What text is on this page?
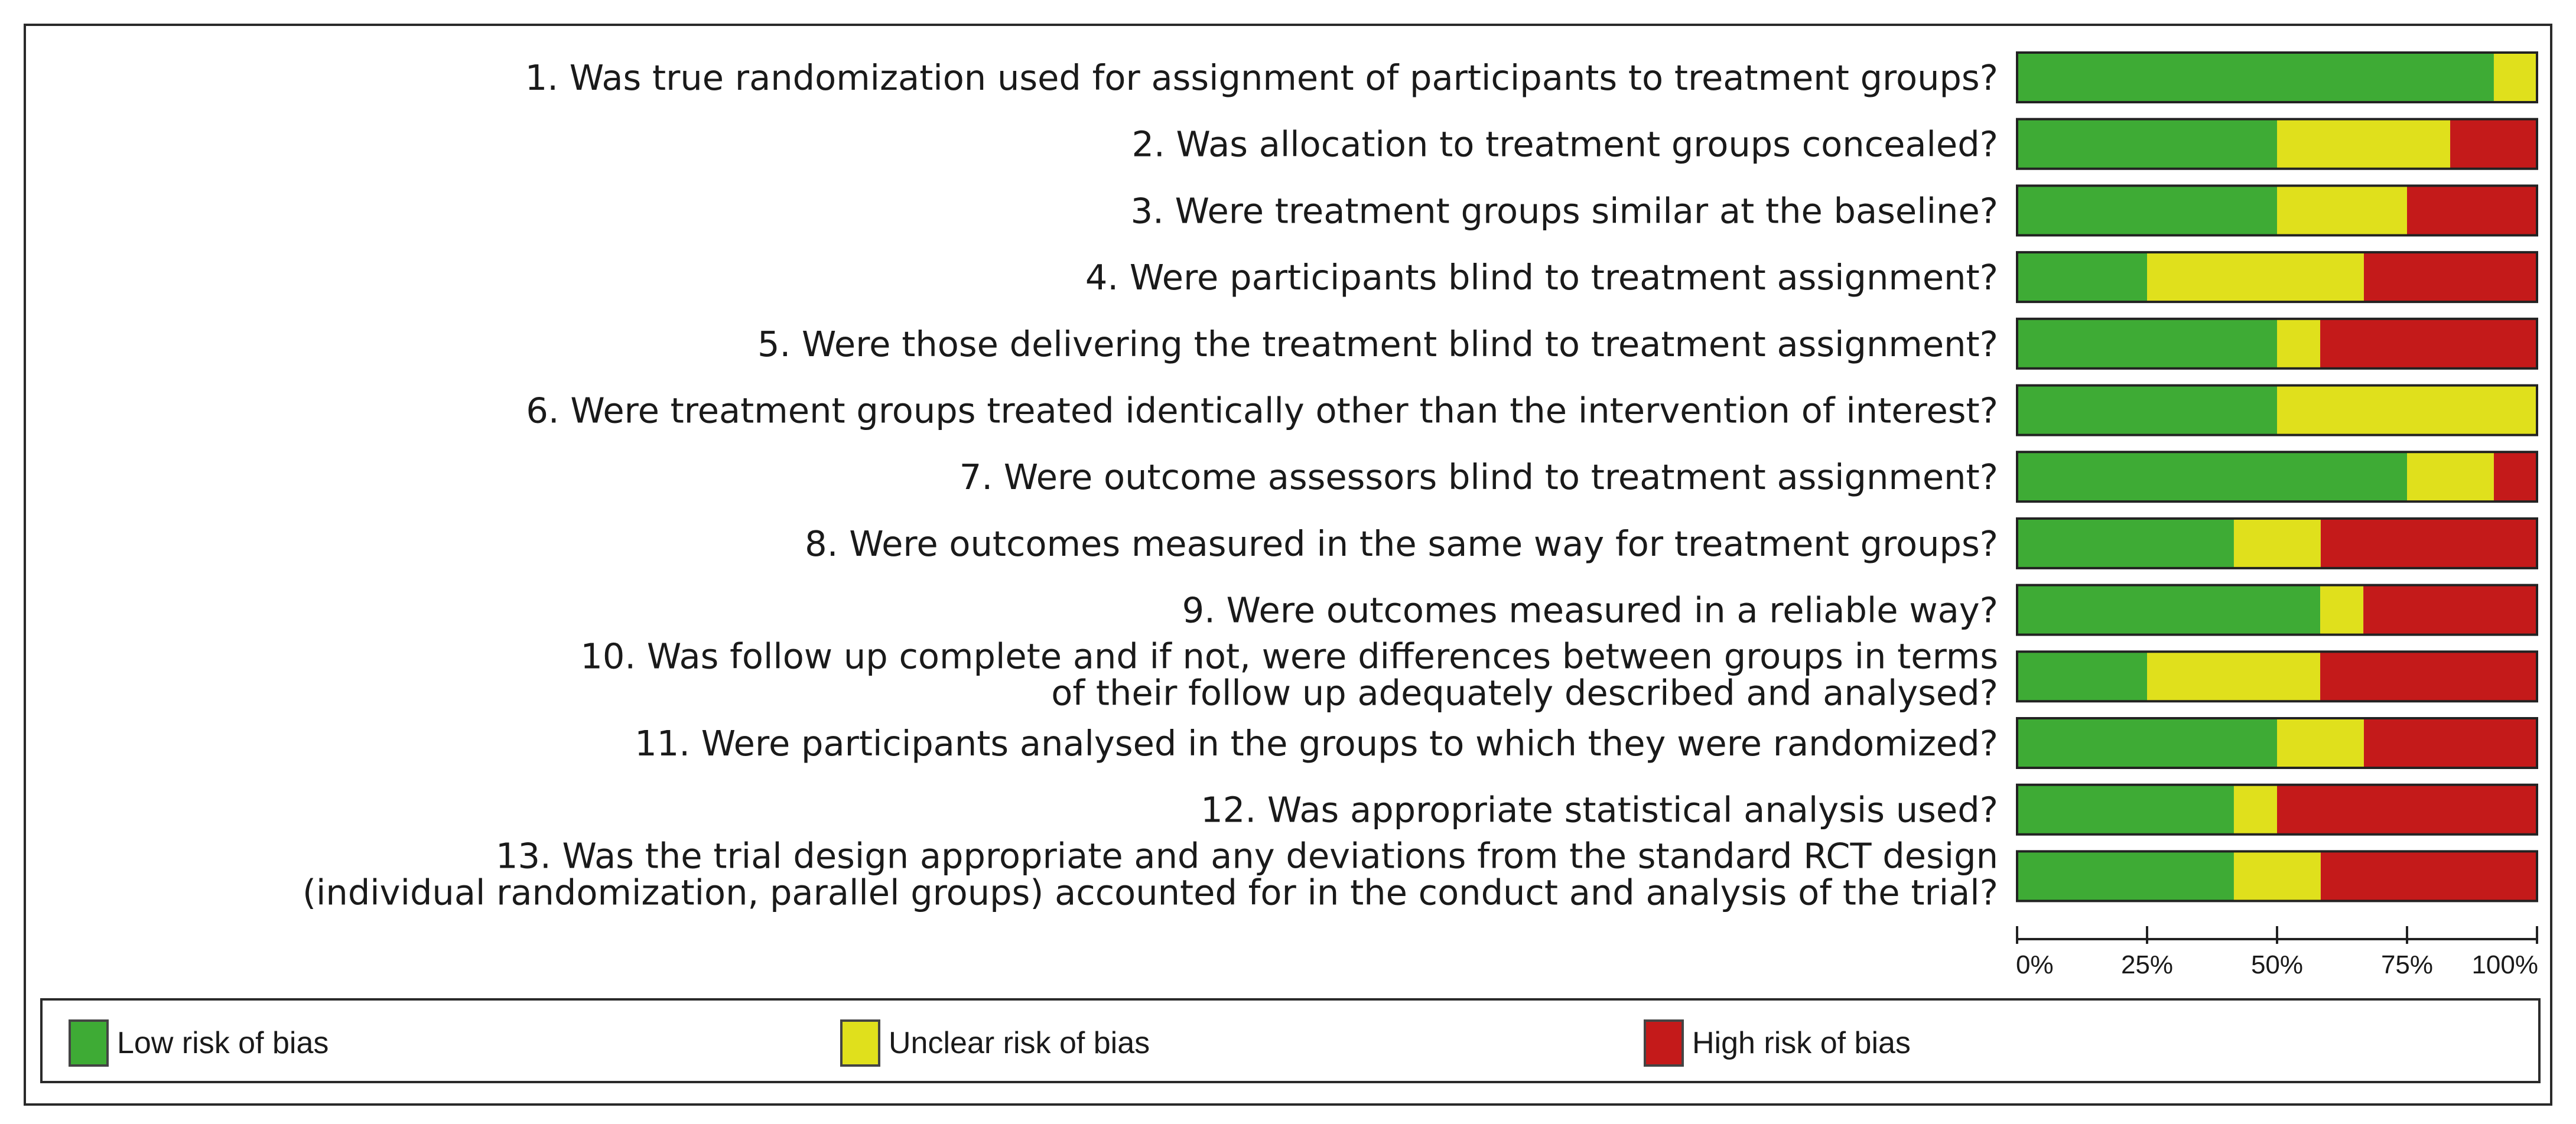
1. Was true randomization used for assignment of participants to treatment groups?
2. Was allocation to treatment groups concealed?
3. Were treatment groups similar at the baseline?
4. Were participants blind to treatment assignment?
5. Were those delivering the treatment blind to treatment assignment?
6. Were treatment groups treated identically other than the intervention of interest?
7. Were outcome assessors blind to treatment assignment?
8. Were outcomes measured in the same way for treatment groups?
9. Were outcomes measured in a reliable way?
10. Was follow up complete and if not, were differences between groups in terms of their follow up adequately described and analysed?
11. Were participants analysed in the groups to which they were randomized?
12. Was appropriate statistical analysis used?
13. Was the trial design appropriate and any deviations from the standard RCT design (individual randomization, parallel groups) accounted for in the conduct and analysis of the trial?
0%	25%	50%	75% 100%
Low risk of bias	Unclear risk of bias	High risk of bias
